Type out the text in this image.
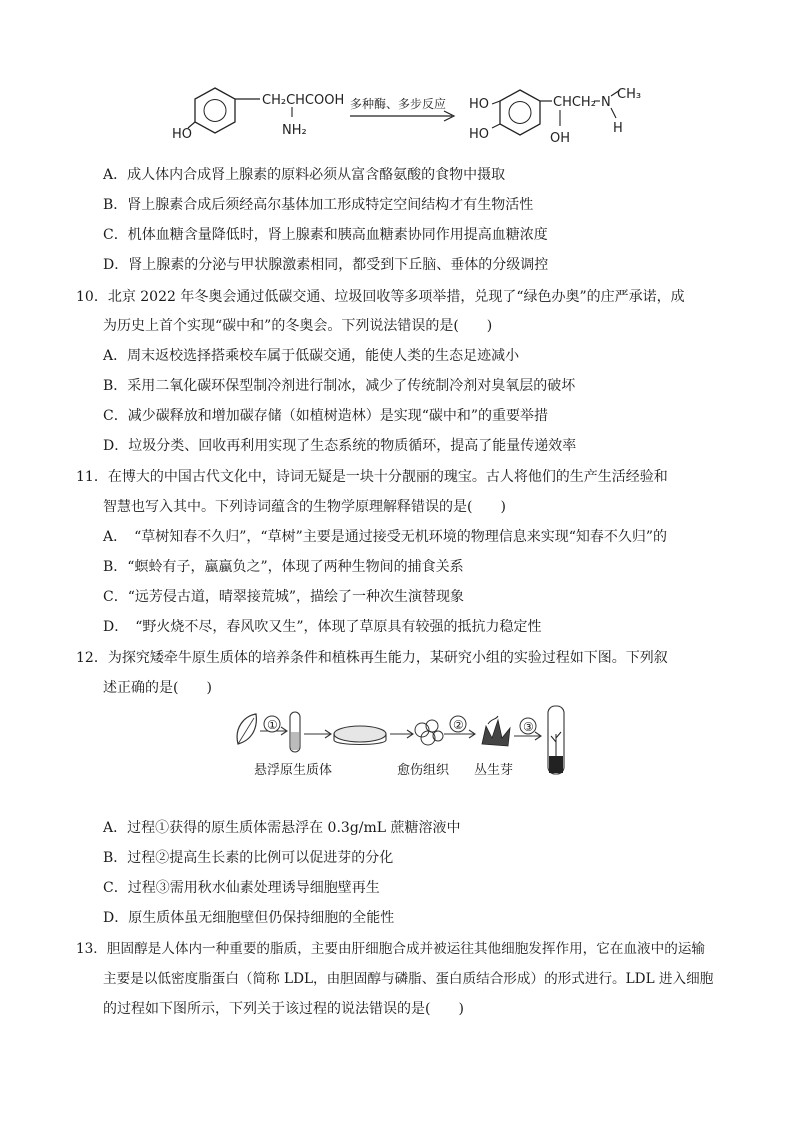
HO
CH₂CHCOOH
NH₂
多种酶、多步反应 HO
HO
CHCH₂
OH
N
CH₃
H
A．成人体内合成肾上腺素的原料必须从富含酪氨酸的食物中摄取
B．肾上腺素合成后须经高尔基体加工形成特定空间结构才有生物活性
C．机体血糖含量降低时，肾上腺素和胰高血糖素协同作用提高血糖浓度
D．肾上腺素的分泌与甲状腺激素相同，都受到下丘脑、垂体的分级调控
10．北京 2022 年冬奥会通过低碳交通、垃圾回收等多项举措，兑现了“绿色办奥”的庄严承诺，成
为历史上首个实现“碳中和”的冬奥会。下列说法错误的是(　　)
A．周末返校选择搭乘校车属于低碳交通，能使人类的生态足迹减小
B．采用二氧化碳环保型制冷剂进行制冰，减少了传统制冷剂对臭氧层的破坏
C．减少碳释放和增加碳存储（如植树造林）是实现“碳中和”的重要举措
D．垃圾分类、回收再利用实现了生态系统的物质循环，提高了能量传递效率
11．在博大的中国古代文化中，诗词无疑是一块十分靓丽的瑰宝。古人将他们的生产生活经验和
智慧也写入其中。下列诗词蕴含的生物学原理解释错误的是(　　)
A．　“草树知春不久归”，“草树”主要是通过接受无机环境的物理信息来实现“知春不久归”的
B．“螟蛉有子，蠃蠃负之”，体现了两种生物间的捕食关系
C．“远芳侵古道，晴翠接荒城”，描绘了一种次生演替现象
D．　“野火烧不尽，春风吹又生”，体现了草原具有较强的抵抗力稳定性
12．为探究矮牵牛原生质体的培养条件和植株再生能力，某研究小组的实验过程如下图。下列叙
述正确的是(　　)
①	②	③
悬浮原生质体	愈伤组织 丛生芽
A．过程①获得的原生质体需悬浮在 0.3g/mL 蔗糖溶液中
B．过程②提高生长素的比例可以促进芽的分化
C．过程③需用秋水仙素处理诱导细胞壁再生
D．原生质体虽无细胞壁但仍保持细胞的全能性
13．胆固醇是人体内一种重要的脂质，主要由肝细胞合成并被运往其他细胞发挥作用，它在血液中的运输
主要是以低密度脂蛋白（简称 LDL，由胆固醇与磷脂、蛋白质结合形成）的形式进行。LDL 进入细胞
的过程如下图所示，下列关于该过程的说法错误的是(　　)
